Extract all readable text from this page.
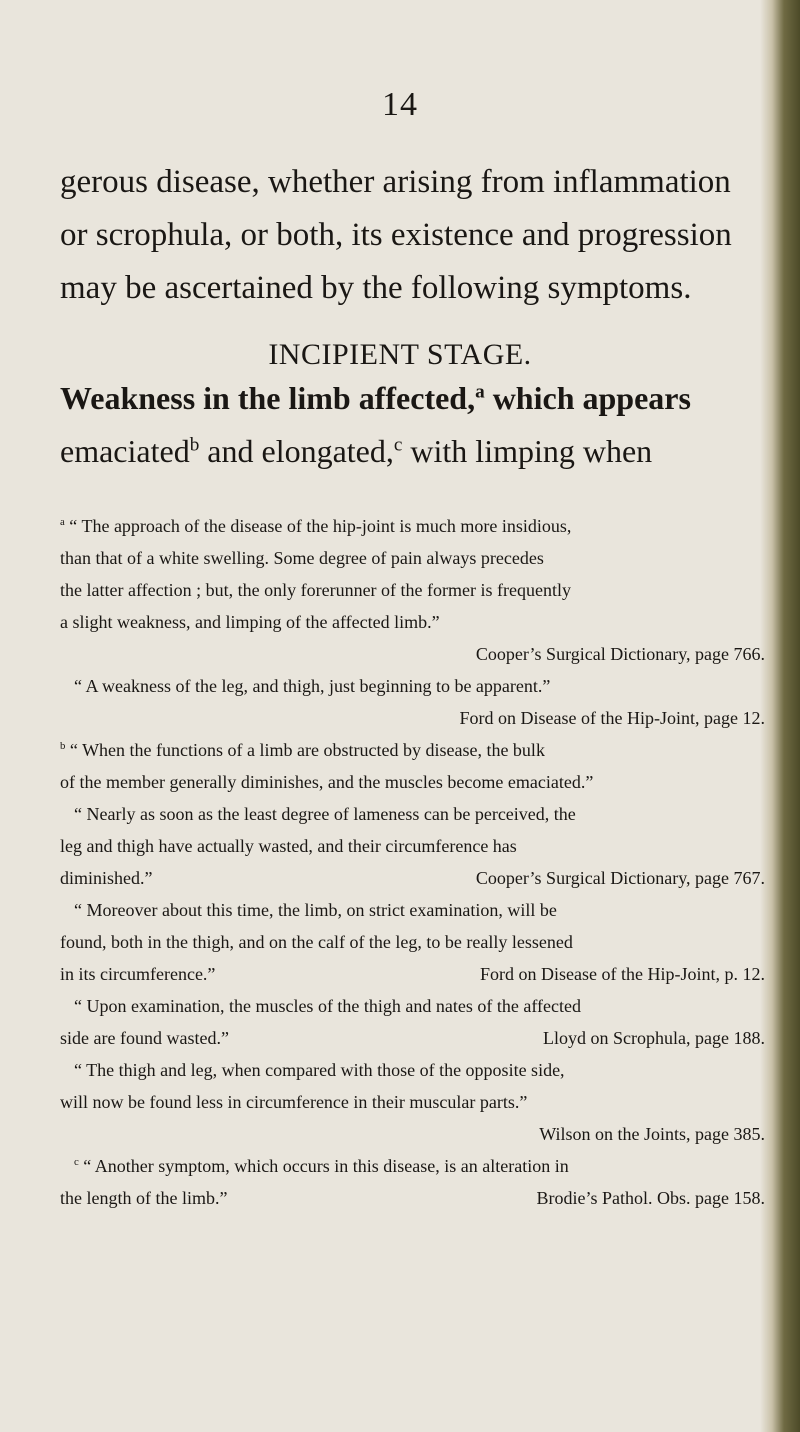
14

gerous disease, whether arising from inflammation
or scrophula, or both, its existence and progression
may be ascertained by the following symptoms.

INCIPIENT STAGE.
Weakness in the limb affected,$^a$ which appears
emaciated$^b$ and elongated,$^c$ with limping when
$^a$ “ The approach of the disease of the hip-joint is much more insidious,
than that of a white swelling. Some degree of pain always precedes
the latter affection ; but, the only forerunner of the former is frequently
a slight weakness, and limping of the affected limb.”
Cooper’s Surgical Dictionary, page 766.
“ A weakness of the leg, and thigh, just beginning to be apparent.”
Ford on Disease of the Hip-Joint, page 12.
$^b$ “ When the functions of a limb are obstructed by disease, the bulk
of the member generally diminishes, and the muscles become emaciated.”
“ Nearly as soon as the least degree of lameness can be perceived, the
leg and thigh have actually wasted, and their circumference has
diminished.”	Cooper’s Surgical Dictionary, page 767.
“ Moreover about this time, the limb, on strict examination, will be
found, both in the thigh, and on the calf of the leg, to be really lessened
in its circumference.”	Ford on Disease of the Hip-Joint, p. 12.
“ Upon examination, the muscles of the thigh and nates of the affected
side are found wasted.”	Lloyd on Scrophula, page 188.
“ The thigh and leg, when compared with those of the opposite side,
will now be found less in circumference in their muscular parts.”
Wilson on the Joints, page 385.
$^c$ “ Another symptom, which occurs in this disease, is an alteration in
the length of the limb.”	Brodie’s Pathol. Obs. page 158.
